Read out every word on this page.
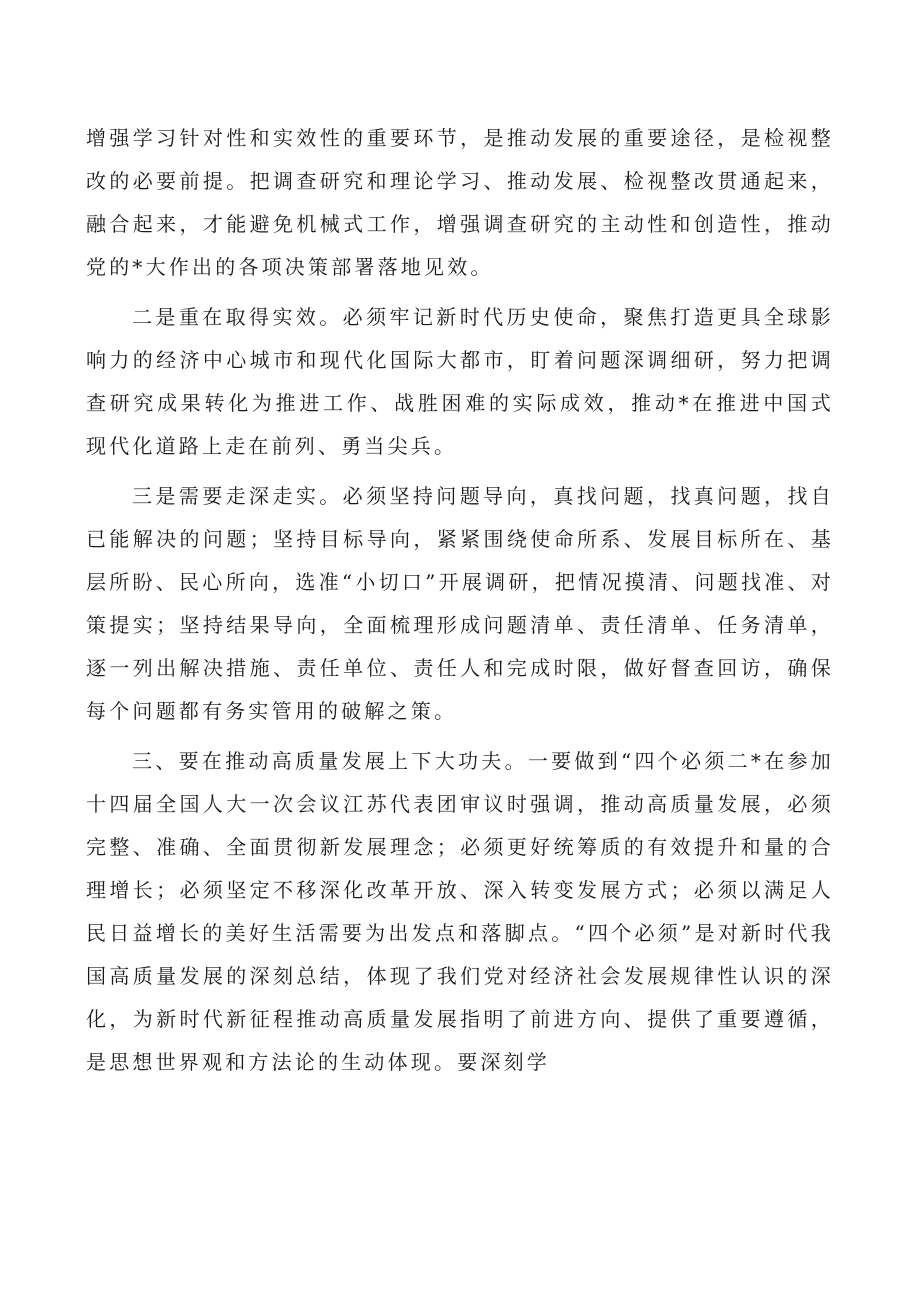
增强学习针对性和实效性的重要环节，是推动发展的重要途径，是检视整改的必要前提。把调查研究和理论学习、推动发展、检视整改贯通起来，融合起来，才能避免机械式工作，增强调查研究的主动性和创造性，推动党的*大作出的各项决策部署落地见效。

二是重在取得实效。必须牢记新时代历史使命，聚焦打造更具全球影响力的经济中心城市和现代化国际大都市，盯着问题深调细研，努力把调查研究成果转化为推进工作、战胜困难的实际成效，推动*在推进中国式现代化道路上走在前列、勇当尖兵。

三是需要走深走实。必须坚持问题导向，真找问题，找真问题，找自已能解决的问题；坚持目标导向，紧紧围绕使命所系、发展目标所在、基层所盼、民心所向，选准“小切口”开展调研，把情况摸清、问题找准、对策提实；坚持结果导向，全面梳理形成问题清单、责任清单、任务清单，逐一列出解决措施、责任单位、责任人和完成时限，做好督查回访，确保每个问题都有务实管用的破解之策。

三、要在推动高质量发展上下大功夫。一要做到“四个必须二*在参加十四届全国人大一次会议江苏代表团审议时强调，推动高质量发展，必须完整、准确、全面贯彻新发展理念；必须更好统筹质的有效提升和量的合理增长；必须坚定不移深化改革开放、深入转变发展方式；必须以满足人民日益增长的美好生活需要为出发点和落脚点。“四个必须”是对新时代我国高质量发展的深刻总结，体现了我们党对经济社会发展规律性认识的深化，为新时代新征程推动高质量发展指明了前进方向、提供了重要遵循，是思想世界观和方法论的生动体现。要深刻学
